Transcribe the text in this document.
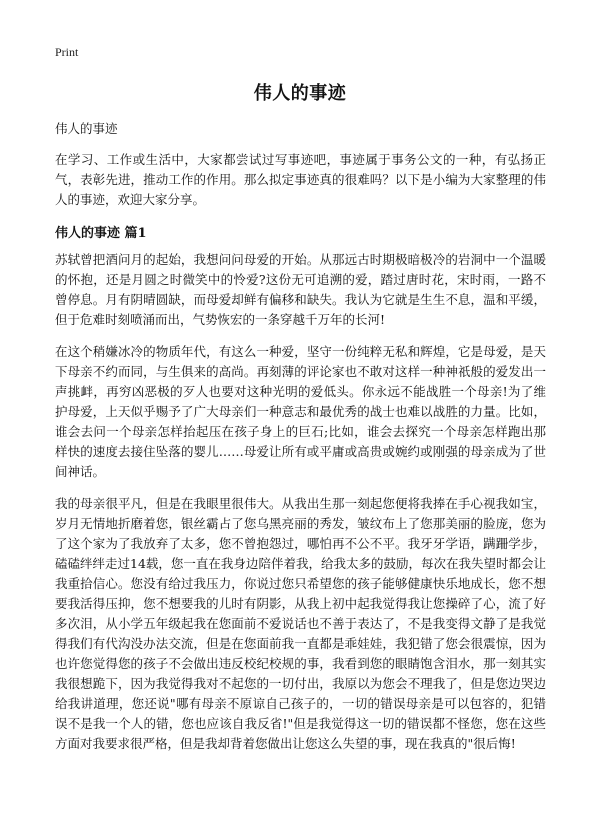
Print
伟人的事迹

伟人的事迹

在学习、工作或生活中，大家都尝试过写事迹吧，事迹属于事务公文的一种，有弘扬正气，表彰先进，推动工作的作用。那么拟定事迹真的很难吗？以下是小编为大家整理的伟人的事迹，欢迎大家分享。

伟人的事迹 篇1

苏轼曾把酒问月的起始，我想问问母爱的开始。从那远古时期极暗极冷的岩洞中一个温暖的怀抱，还是月圆之时微笑中的怜爱?这份无可追溯的爱，踏过唐时花，宋时雨，一路不曾停息。月有阴晴圆缺，而母爱却鲜有偏移和缺失。我认为它就是生生不息，温和平缓，但于危难时刻喷涌而出，气势恢宏的一条穿越千万年的长河!

在这个稍嫌冰冷的物质年代，有这么一种爱，坚守一份纯粹无私和辉煌，它是母爱，是天下母亲不约而同，与生俱来的高尚。再刻薄的评论家也不敢对这样一种神祇般的爱发出一声挑衅，再穷凶恶极的歹人也要对这种光明的爱低头。你永远不能战胜一个母亲!为了维护母爱，上天似乎赐予了广大母亲们一种意志和最优秀的战士也难以战胜的力量。比如，谁会去问一个母亲怎样抬起压在孩子身上的巨石;比如，谁会去探究一个母亲怎样跑出那样快的速度去接住坠落的婴儿……母爱让所有或平庸或高贵或婉约或刚强的母亲成为了世间神话。

我的母亲很平凡，但是在我眼里很伟大。从我出生那一刻起您便将我捧在手心视我如宝，岁月无情地折磨着您，银丝霸占了您乌黑亮丽的秀发，皱纹布上了您那美丽的脸庞，您为了这个家为了我放弃了太多，您不曾抱怨过，哪怕再不公不平。我牙牙学语，蹒跚学步，磕磕绊绊走过14载，您一直在我身边陪伴着我，给我太多的鼓励，每次在我失望时都会让我重拾信心。您没有给过我压力，你说过您只希望您的孩子能够健康快乐地成长，您不想要我活得压抑，您不想要我的儿时有阴影，从我上初中起我觉得我让您操碎了心，流了好多次泪，从小学五年级起我在您面前不爱说话也不善于表达了，不是我变得文静了是我觉得我们有代沟没办法交流，但是在您面前我一直都是乖娃娃，我犯错了您会很震惊，因为也许您觉得您的孩子不会做出违反校纪校规的事，我看到您的眼睛饱含泪水，那一刻其实我很想跪下，因为我觉得我对不起您的一切付出，我原以为您会不理我了，但是您边哭边给我讲道理，您还说"哪有母亲不原谅自己孩子的，一切的错误母亲是可以包容的，犯错误不是我一个人的错，您也应该自我反省!"但是我觉得这一切的错误都不怪您，您在这些方面对我要求很严格，但是我却背着您做出让您这么失望的事，现在我真的"很后悔!
